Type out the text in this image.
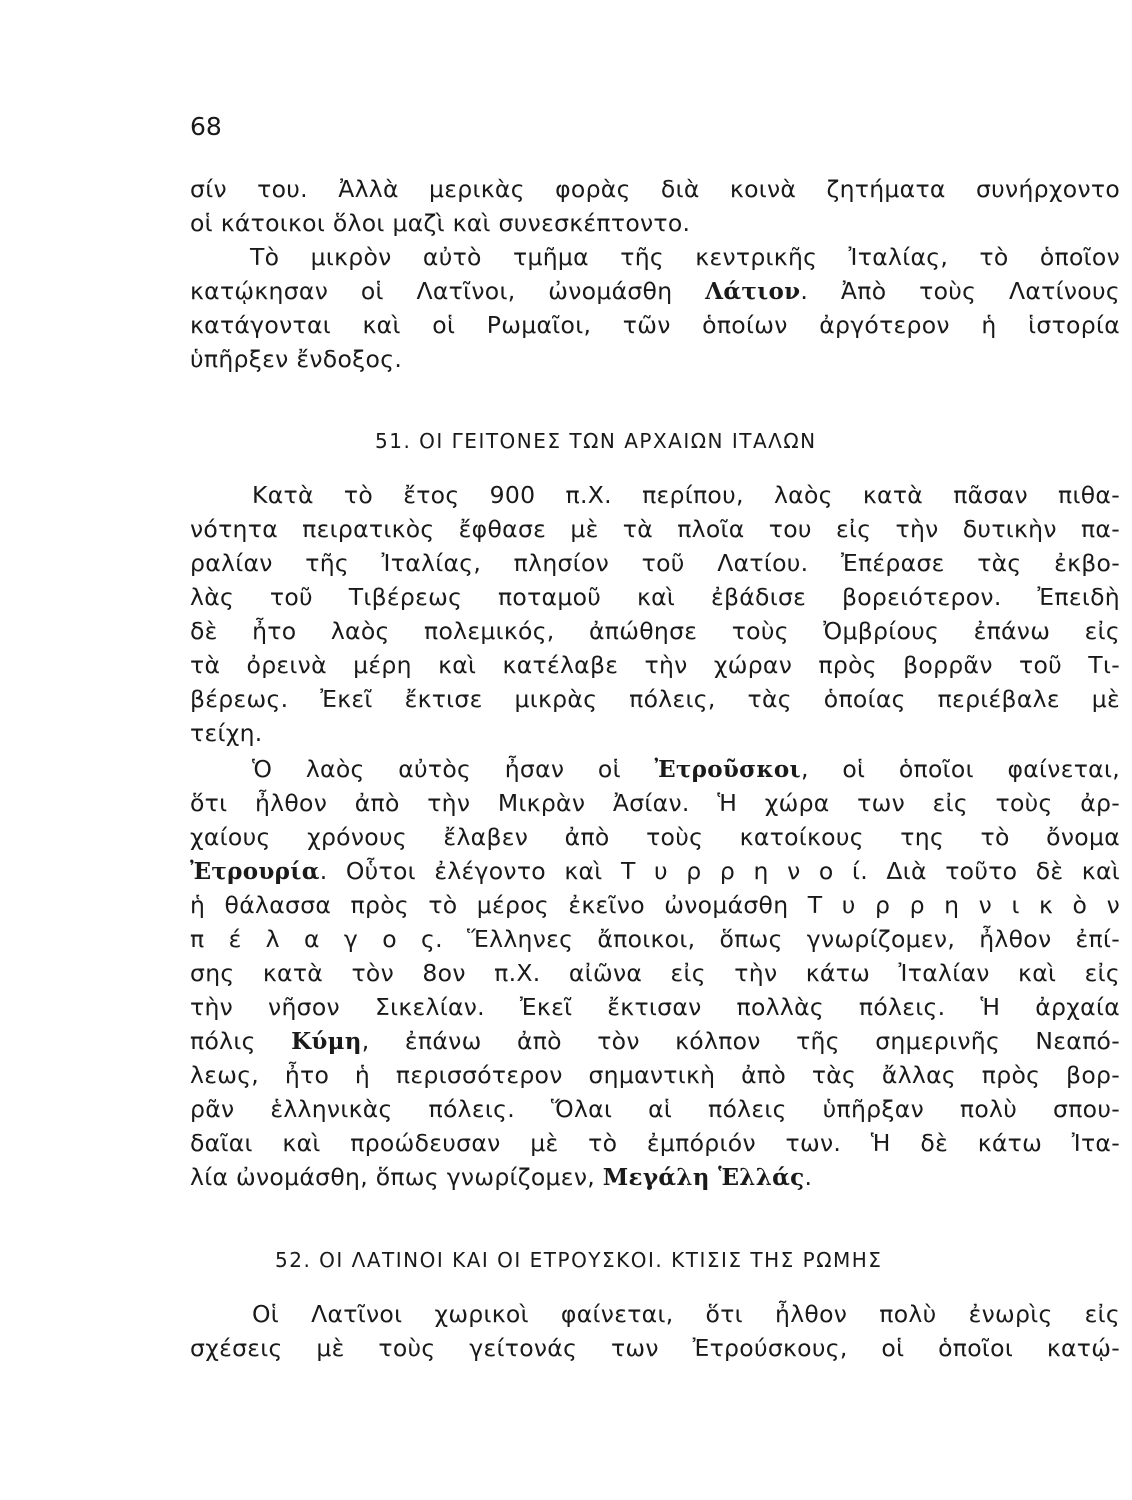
68
σίν του. Ἀλλὰ μερικὰς φορὰς διὰ κοινὰ ζητήματα συνήρχοντο
οἱ κάτοικοι ὅλοι μαζὶ καὶ συνεσκέπτοντο.
Τὸ μικρὸν αὐτὸ τμῆμα τῆς κεντρικῆς Ἰταλίας, τὸ ὁποῖον
κατῴκησαν οἱ Λατῖνοι, ὠνομάσθη Λάτιον. Ἀπὸ τοὺς Λατίνους
κατάγονται καὶ οἱ Ρωμαῖοι, τῶν ὁποίων ἀργότερον ἡ ἱστορία
ὑπῆρξεν ἔνδοξος.
51. ΟΙ ΓΕΙΤΟΝΕΣ ΤΩΝ ΑΡΧΑΙΩΝ ΙΤΑΛΩΝ
Κατὰ τὸ ἔτος 900 π.Χ. περίπου, λαὸς κατὰ πᾶσαν πιθα-
νότητα πειρατικὸς ἔφθασε μὲ τὰ πλοῖα του εἰς τὴν δυτικὴν πα-
ραλίαν τῆς Ἰταλίας, πλησίον τοῦ Λατίου. Ἐπέρασε τὰς ἐκβο-
λὰς τοῦ Τιβέρεως ποταμοῦ καὶ ἐβάδισε βορειότερον. Ἐπειδὴ
δὲ ἦτο λαὸς πολεμικός, ἀπώθησε τοὺς Ὀμβρίους ἐπάνω εἰς
τὰ ὀρεινὰ μέρη καὶ κατέλαβε τὴν χώραν πρὸς βορρᾶν τοῦ Τι-
βέρεως. Ἐκεῖ ἔκτισε μικρὰς πόλεις, τὰς ὁποίας περιέβαλε μὲ
τείχη.
Ὁ λαὸς αὐτὸς ἦσαν οἱ Ἐτροῦσκοι, οἱ ὁποῖοι φαίνεται,
ὅτι ἦλθον ἀπὸ τὴν Μικρὰν Ἀσίαν. Ἡ χώρα των εἰς τοὺς ἀρ-
χαίους χρόνους ἔλαβεν ἀπὸ τοὺς κατοίκους της τὸ ὄνομα
Ἐτρουρία. Οὗτοι ἐλέγοντο καὶ Τ υ ρ ρ η ν ο ί. Διὰ τοῦτο δὲ καὶ
ἡ θάλασσα πρὸς τὸ μέρος ἐκεῖνο ὠνομάσθη Τ υ ρ ρ η ν ι κ ὸ ν
π έ λ α γ ο ς. Ἕλληνες ἄποικοι, ὅπως γνωρίζομεν, ἦλθον ἐπί-
σης κατὰ τὸν 8ον π.Χ. αἰῶνα εἰς τὴν κάτω Ἰταλίαν καὶ εἰς
τὴν νῆσον Σικελίαν. Ἐκεῖ ἔκτισαν πολλὰς πόλεις. Ἡ ἀρχαία
πόλις Κύμη, ἐπάνω ἀπὸ τὸν κόλπον τῆς σημερινῆς Νεαπό-
λεως, ἦτο ἡ περισσότερον σημαντικὴ ἀπὸ τὰς ἄλλας πρὸς βορ-
ρᾶν ἑλληνικὰς πόλεις. Ὅλαι αἱ πόλεις ὑπῆρξαν πολὺ σπου-
δαῖαι καὶ προώδευσαν μὲ τὸ ἐμπόριόν των. Ἡ δὲ κάτω Ἰτα-
λία ὠνομάσθη, ὅπως γνωρίζομεν, Μεγάλη Ἑλλάς.
52. ΟΙ ΛΑΤΙΝΟΙ ΚΑΙ ΟΙ ΕΤΡΟΥΣΚΟΙ. ΚΤΙΣΙΣ ΤΗΣ ΡΩΜΗΣ
Οἱ Λατῖνοι χωρικοὶ φαίνεται, ὅτι ἦλθον πολὺ ἐνωρὶς εἰς
σχέσεις μὲ τοὺς γείτονάς των Ἐτρούσκους, οἱ ὁποῖοι κατῴ-
